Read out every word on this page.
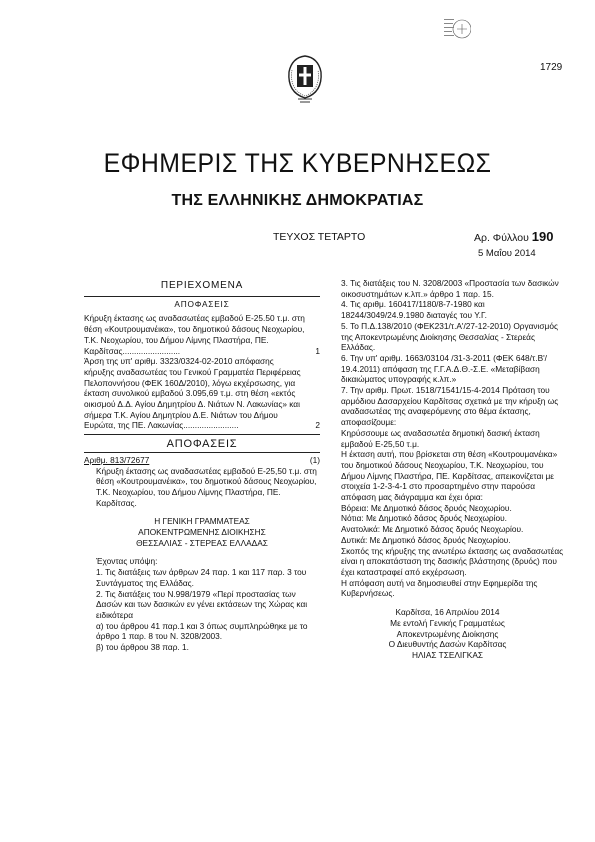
1729
ΕΦΗΜΕΡΙΣ ΤΗΣ ΚΥΒΕΡΝΗΣΕΩΣ
ΤΗΣ ΕΛΛΗΝΙΚΗΣ ΔΗΜΟΚΡΑΤΙΑΣ
ΤΕΥΧΟΣ ΤΕΤΑΡΤΟ	Αρ. Φύλλου 190
5 Μαΐου 2014
ΠΕΡΙΕΧΟΜΕΝΑ
ΑΠΟΦΑΣΕΙΣ
Κήρυξη έκτασης ως αναδασωτέας εμβαδού Ε-25.50 τ.μ. στη θέση «Κουτρουμανέικα», του δημοτικού δάσους Νεοχωρίου, Τ.Κ. Νεοχωρίου, του Δήμου Λίμνης Πλαστήρα, ΠΕ. Καρδίτσας.........................	1
Άρση της υπ' αριθμ. 3323/0324-02-2010 απόφασης κήρυξης αναδασωτέας του Γενικού Γραμματέα Περιφέρειας Πελοποννήσου (ΦΕΚ 160Δ/2010), λόγω εκχέρσωσης, για έκταση συνολικού εμβαδού 3.095,69 τ.μ. στη θέση «εκτός οικισμού Δ.Δ. Αγίου Δημητρίου Δ. Νιάτων Ν. Λακωνίας» και σήμερα Τ.Κ. Αγίου Δημητρίου Δ.Ε. Νιάτων του Δήμου Ευρώτα, της ΠΕ. Λακωνίας........................	2
ΑΠΟΦΑΣΕΙΣ
Αριθμ. 813/72677	(1)

Κήρυξη έκτασης ως αναδασωτέας εμβαδού Ε-25,50 τ.μ. στη θέση «Κουτρουμανέικα», του δημοτικού δάσους Νεοχωρίου, Τ.Κ. Νεοχωρίου, του Δήμου Λίμνης Πλαστήρα, ΠΕ. Καρδίτσας.

Η ΓΕΝΙΚΗ ΓΡΑΜΜΑΤΕΑΣ
ΑΠΟΚΕΝΤΡΩΜΕΝΗΣ ΔΙΟΙΚΗΣΗΣ
ΘΕΣΣΑΛΙΑΣ - ΣΤΕΡΕΑΣ ΕΛΛΑΔΑΣ

Έχοντας υπόψη:

1. Τις διατάξεις των άρθρων 24 παρ. 1 και 117 παρ. 3 του Συντάγματος της Ελλάδας.

2. Τις διατάξεις του Ν.998/1979 «Περί προστασίας των Δασών και των δασικών εν γένει εκτάσεων της Χώρας και ειδικότερα

α) του άρθρου 41 παρ.1 και 3 όπως συμπληρώθηκε με το άρθρο 1 παρ. 8 του Ν. 3208/2003.

β) του άρθρου 38 παρ. 1.

3. Τις διατάξεις του Ν. 3208/2003 «Προστασία των δασικών οικοσυστημάτων κ.λπ.» άρθρο 1 παρ. 15.

4. Τις αριθμ. 160417/1180/8-7-1980 και 18244/3049/24.9.1980 διαταγές του Υ.Γ.

5. Το Π.Δ.138/2010 (ΦΕΚ231/τ.Α'/27-12-2010) Οργανισμός της Αποκεντρωμένης Διοίκησης Θεσσαλίας - Στερεάς Ελλάδας.

6. Την υπ' αριθμ. 1663/03104 /31-3-2011 (ΦΕΚ 648/τ.Β'/ 19.4.2011) απόφαση της Γ.Γ.Α.Δ.Θ.-Σ.Ε. «Μεταβίβαση δικαιώματος υπογραφής κ.λπ.»

7. Την αριθμ. Πρωτ. 1518/71541/15-4-2014 Πρόταση του αρμόδιου Δασαρχείου Καρδίτσας σχετικά με την κήρυξη ως αναδασωτέας της αναφερόμενης στο θέμα έκτασης, αποφασίζουμε:

Κηρύσσουμε ως αναδασωτέα δημοτική δασική έκταση εμβαδού Ε-25,50 τ.μ.

Η έκταση αυτή, που βρίσκεται στη θέση «Κουτρουμανέικα» του δημοτικού δάσους Νεοχωρίου, Τ.Κ. Νεοχωρίου, του Δήμου Λίμνης Πλαστήρα, ΠΕ. Καρδίτσας, απεικονίζεται με στοιχεία 1-2-3-4-1 στο προσαρτημένο στην παρούσα απόφαση μας διάγραμμα και έχει όρια:

Βόρεια: Με Δημοτικό δάσος δρυός Νεοχωρίου.

Νότια: Με Δημοτικό δάσος δρυός Νεοχωρίου.

Ανατολικά: Με Δημοτικό δάσος δρυός Νεοχωρίου.

Δυτικά: Με Δημοτικό δάσος δρυός Νεοχωρίου.

Σκοπός της κήρυξης της ανωτέρω έκτασης ως αναδασωτέας είναι η αποκατάσταση της δασικής βλάστησης (δρυός) που έχει καταστραφεί από εκχέρσωση.

Η απόφαση αυτή να δημοσιευθεί στην Εφημερίδα της Κυβερνήσεως.

Καρδίτσα, 16 Απριλίου 2014
Με εντολή Γενικής Γραμματέως
Αποκεντρωμένης Διοίκησης
Ο Διευθυντής Δασών Καρδίτσας
ΗΛΙΑΣ ΤΣΕΛΙΓΚΑΣ
